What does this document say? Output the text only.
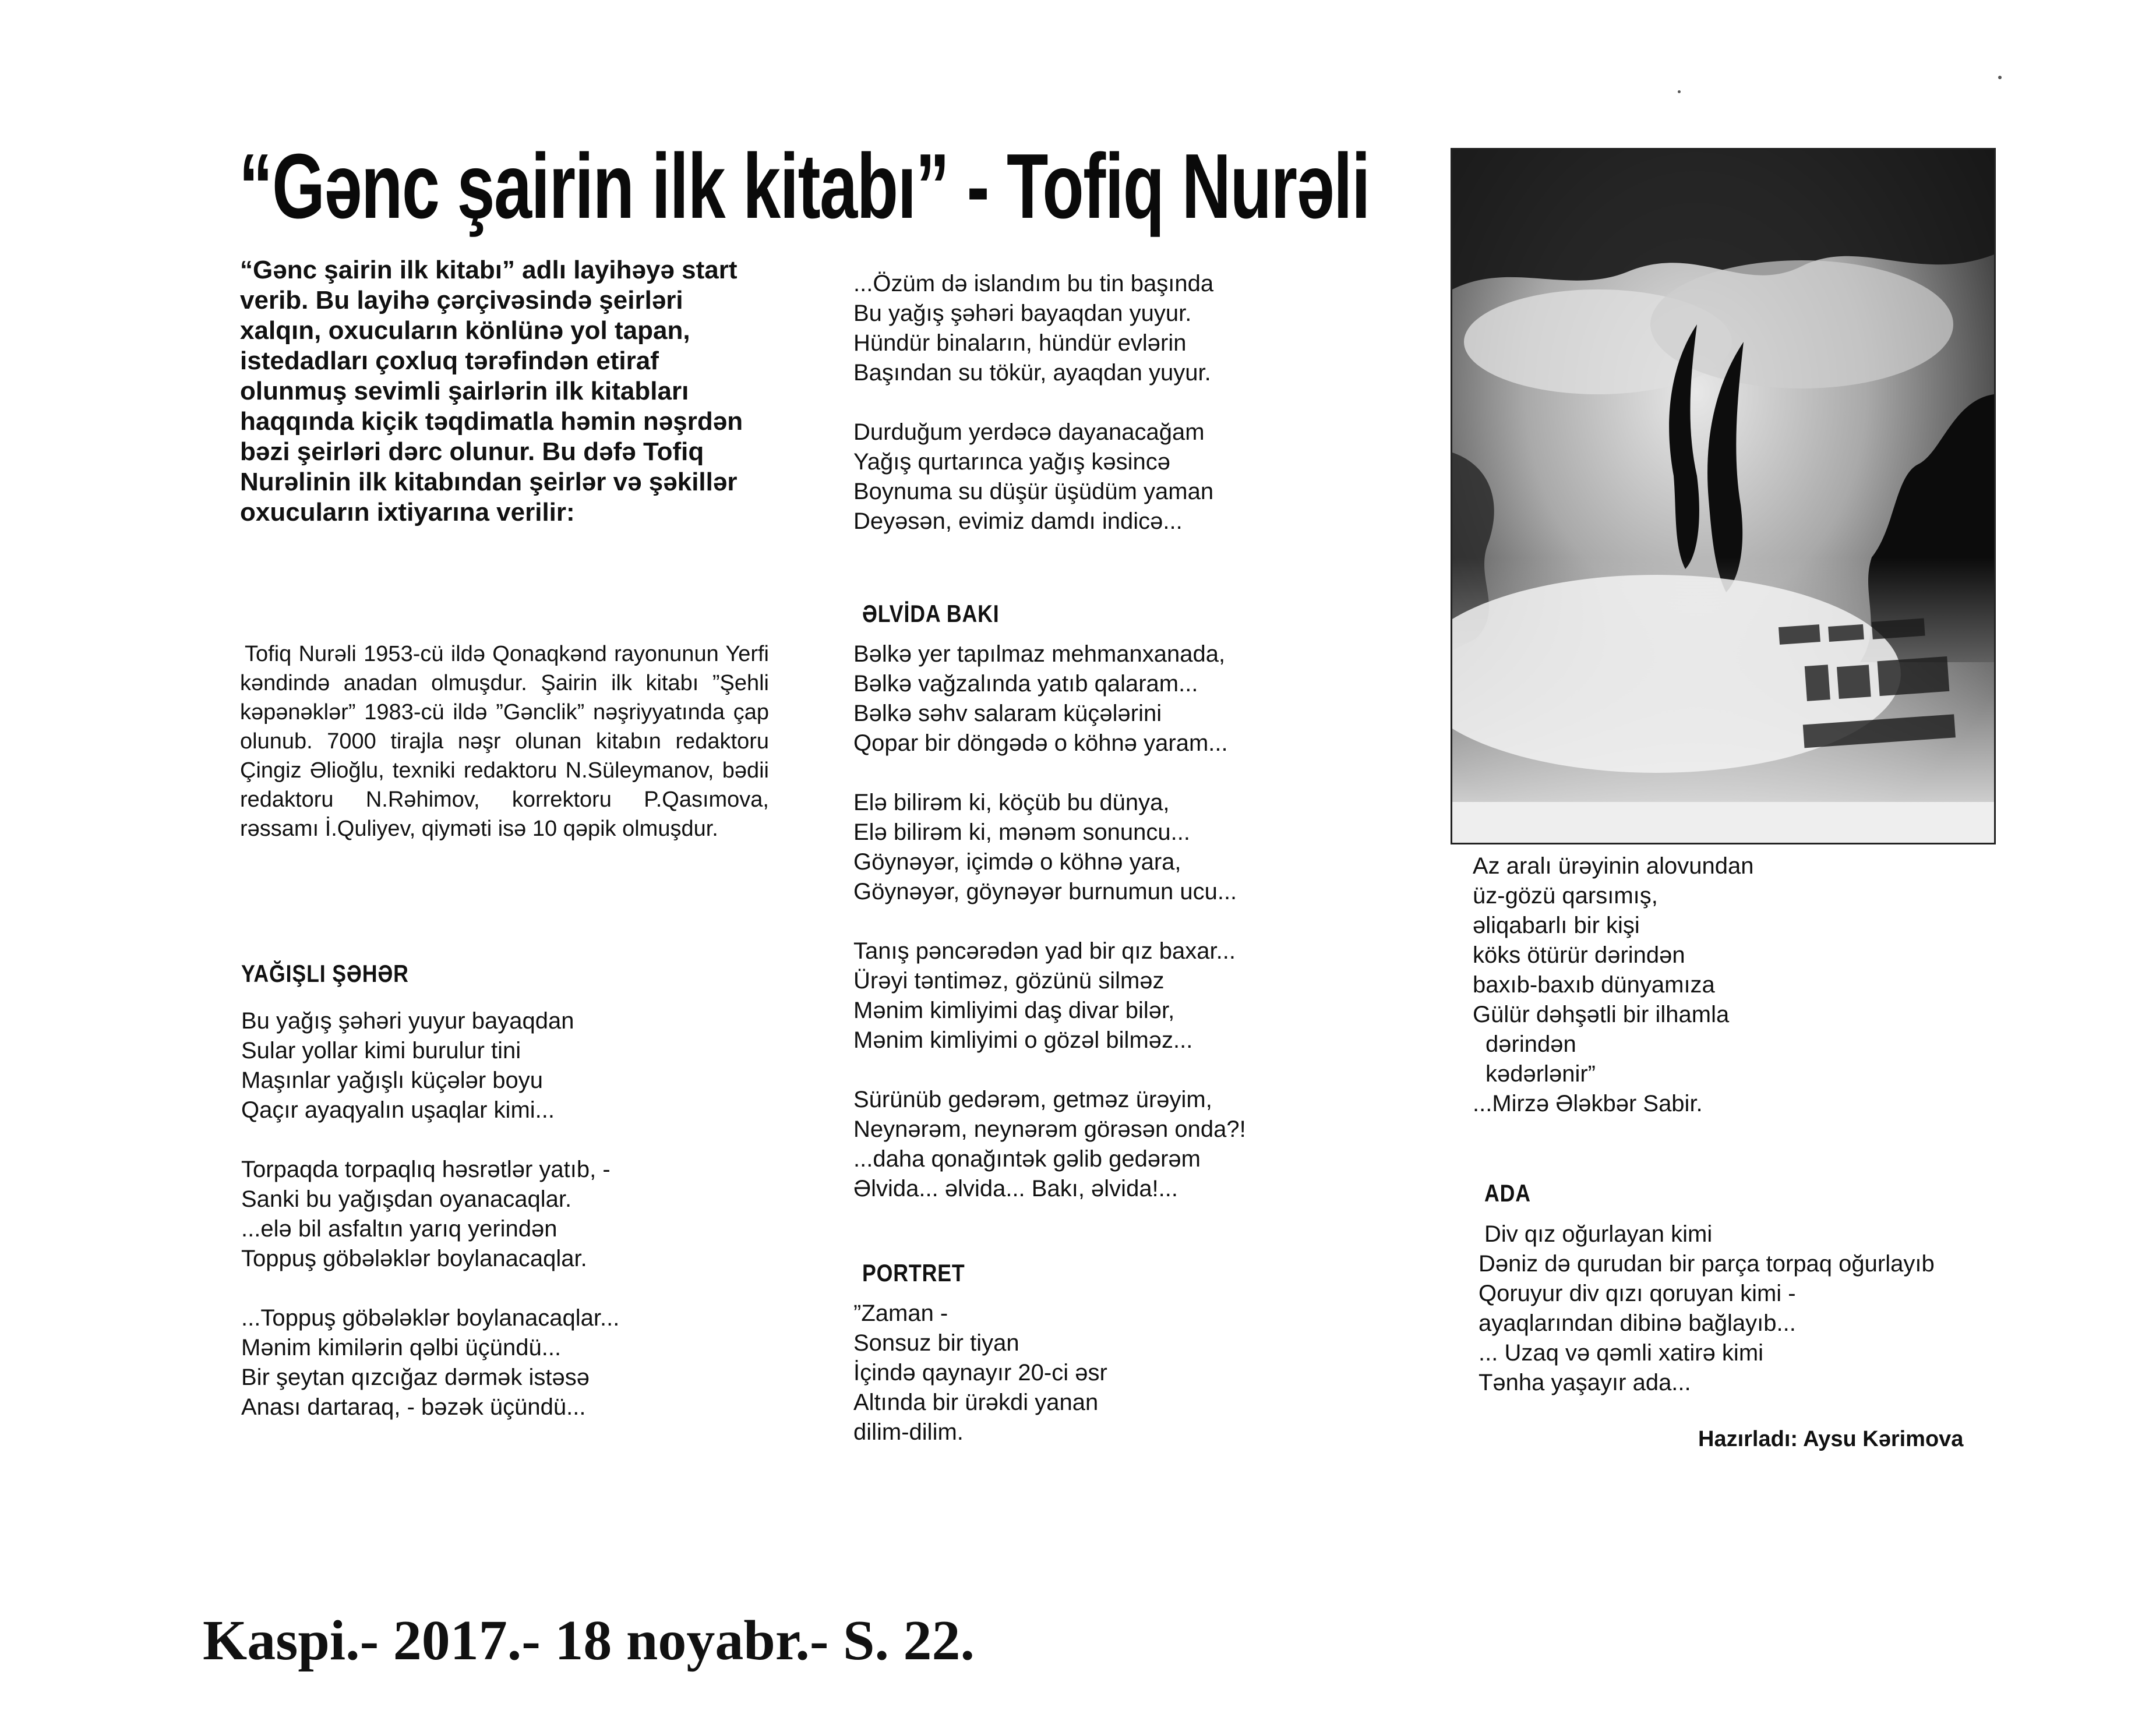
“Gənc şairin ilk kitabı” - Tofiq Nurəli

“Gənc şairin ilk kitabı” adlı layihəyə start verib. Bu layihə çərçivəsində şeirləri xalqın, oxucuların könlünə yol tapan, istedadları çoxluq tərəfindən etiraf olunmuş sevimli şairlərin ilk kitabları haqqında kiçik təqdimatla həmin nəşrdən bəzi şeirləri dərc olunur. Bu dəfə Tofiq Nurəlinin ilk kitabından şeirlər və şəkillər oxucuların ixtiyarına verilir:

Tofiq Nurəli 1953-cü ildə Qonaqkənd rayonunun Yerfi kəndində anadan olmuşdur. Şairin ilk kitabı ”Şehli kəpənəklər” 1983-cü ildə ”Gənclik” nəşriyyatında çap olunub. 7000 tirajla nəşr olunan kitabın redaktoru Çingiz Əlioğlu, texniki redaktoru N.Süleymanov, bədii redaktoru N.Rəhimov, korrektoru P.Qasımova, rəssamı İ.Quliyev, qiyməti isə 10 qəpik olmuşdur.

YAĞIŞLI ŞƏHƏR
Bu yağış şəhəri yuyur bayaqdan
Sular yollar kimi burulur tini
Maşınlar yağışlı küçələr boyu
Qaçır ayaqyalın uşaqlar kimi...
Torpaqda torpaqlıq həsrətlər yatıb, -
Sanki bu yağışdan oyanacaqlar.
...elə bil asfaltın yarıq yerindən
Toppuş göbələklər boylanacaqlar.
...Toppuş göbələklər boylanacaqlar...
Mənim kimilərin qəlbi üçündü...
Bir şeytan qızcığaz dərmək istəsə
Anası dartaraq, - bəzək üçündü...
...Özüm də islandım bu tin başında
Bu yağış şəhəri bayaqdan yuyur.
Hündür binaların, hündür evlərin
Başından su tökür, ayaqdan yuyur.
Durduğum yerdəcə dayanacağam
Yağış qurtarınca yağış kəsincə
Boynuma su düşür üşüdüm yaman
Deyəsən, evimiz damdı indicə...
ƏLVİDA BAKI
Bəlkə yer tapılmaz mehmanxanada,
Bəlkə vağzalında yatıb qalaram...
Bəlkə səhv salaram küçələrini
Qopar bir döngədə o köhnə yaram...
Elə bilirəm ki, köçüb bu dünya,
Elə bilirəm ki, mənəm sonuncu...
Göynəyər, içimdə o köhnə yara,
Göynəyər, göynəyər burnumun ucu...
Tanış pəncərədən yad bir qız baxar...
Ürəyi təntiməz, gözünü silməz
Mənim kimliyimi daş divar bilər,
Mənim kimliyimi o gözəl bilməz...
Sürünüb gedərəm, getməz ürəyim,
Neynərəm, neynərəm görəsən onda?!
...daha qonağıntək gəlib gedərəm
Əlvida... əlvida... Bakı, əlvida!...
PORTRET
”Zaman -
Sonsuz bir tiyan
İçində qaynayır 20-ci əsr
Altında bir ürəkdi yanan
dilim-dilim.
Az aralı ürəyinin alovundan
üz-gözü qarsımış,
əliqabarlı bir kişi
köks ötürür dərindən
baxıb-baxıb dünyamıza
Gülür dəhşətli bir ilhamla
dərindən
kədərlənir”
...Mirzə Ələkbər Sabir.
ADA
Div qız oğurlayan kimi
Dəniz də qurudan bir parça torpaq oğurlayıb
Qoruyur div qızı qoruyan kimi -
ayaqlarından dibinə bağlayıb...
... Uzaq və qəmli xatirə kimi
Tənha yaşayır ada...
Hazırladı: Aysu Kərimova
Kaspi.- 2017.- 18 noyabr.- S. 22.
